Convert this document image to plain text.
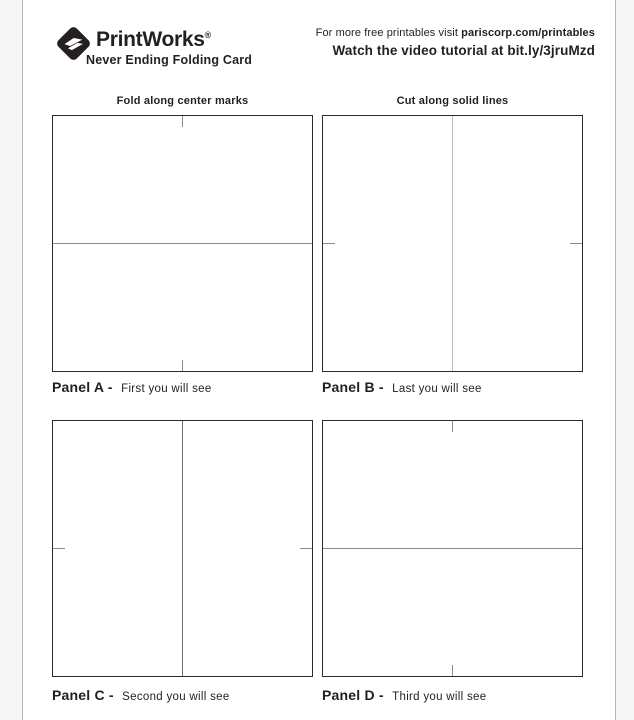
PrintWorks®
Never Ending Folding Card
For more free printables visit pariscorp.com/printables
Watch the video tutorial at bit.ly/3jruMzd
Fold along center marks	Cut along solid lines
Panel A - First you will see	Panel B - Last you will see
Panel C - Second you will see	Panel D - Third you will see
